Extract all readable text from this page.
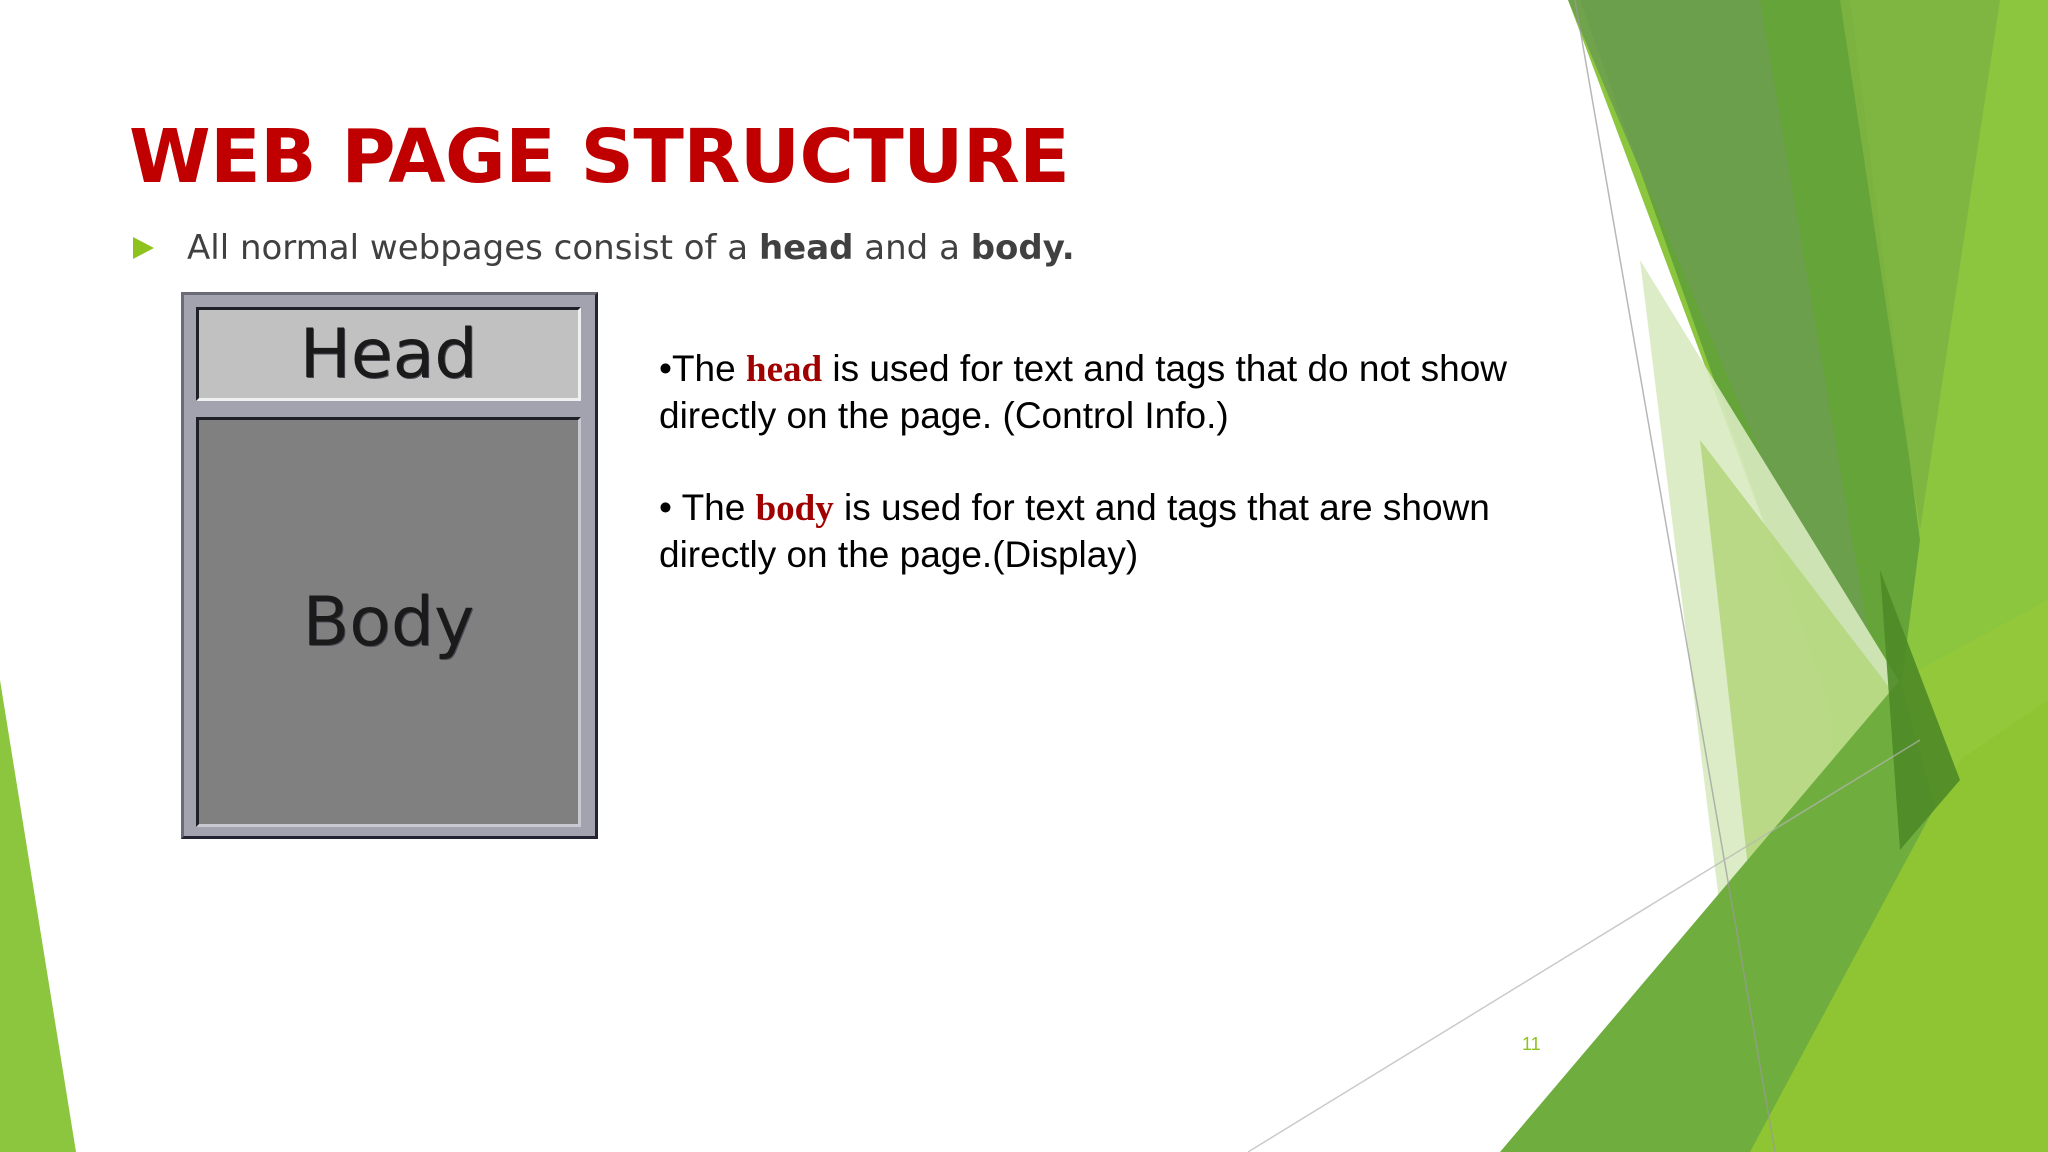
WEB PAGE STRUCTURE
All normal webpages consist of a head and a body.
Head
Body

•The head is used for text and tags that do not show directly on the page. (Control Info.)

• The body is used for text and tags that are shown directly on the page.(Display)

11
